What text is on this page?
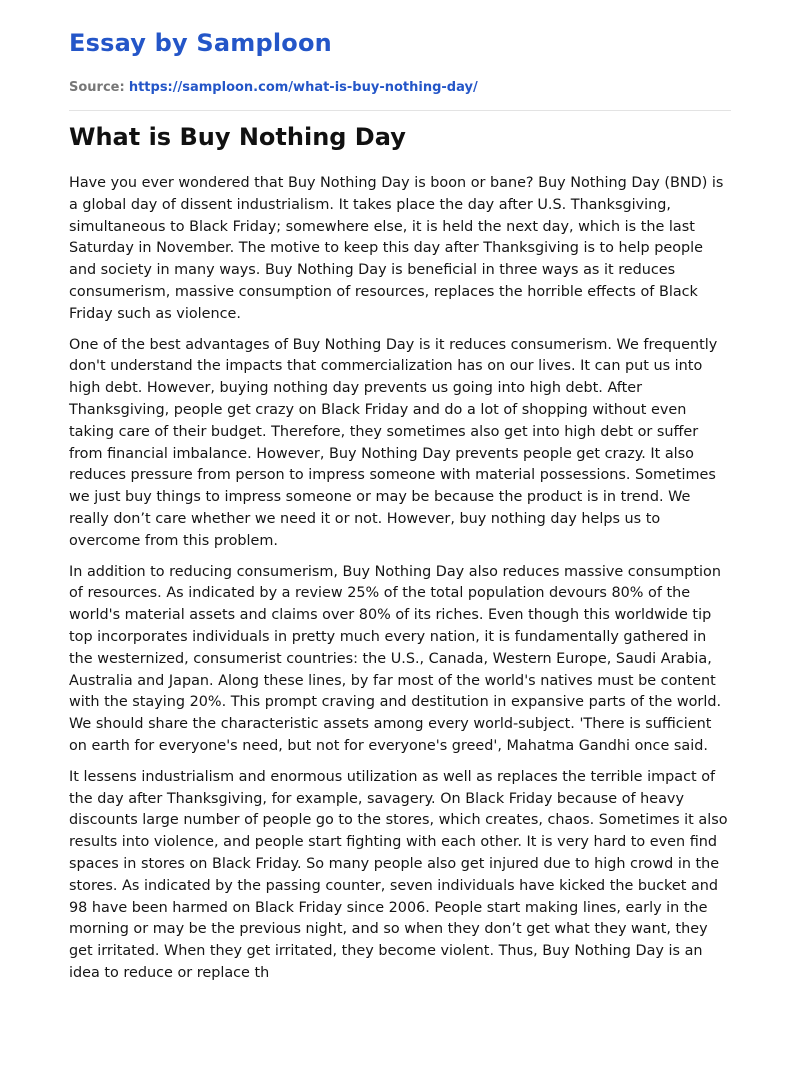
Essay by Samploon
Source: https://samploon.com/what-is-buy-nothing-day/
What is Buy Nothing Day

Have you ever wondered that Buy Nothing Day is boon or bane? Buy Nothing Day (BND) is a global day of dissent industrialism. It takes place the day after U.S. Thanksgiving, simultaneous to Black Friday; somewhere else, it is held the next day, which is the last Saturday in November. The motive to keep this day after Thanksgiving is to help people and society in many ways. Buy Nothing Day is beneficial in three ways as it reduces consumerism, massive consumption of resources, replaces the horrible effects of Black Friday such as violence.

One of the best advantages of Buy Nothing Day is it reduces consumerism. We frequently don't understand the impacts that commercialization has on our lives. It can put us into high debt. However, buying nothing day prevents us going into high debt. After Thanksgiving, people get crazy on Black Friday and do a lot of shopping without even taking care of their budget. Therefore, they sometimes also get into high debt or suffer from financial imbalance. However, Buy Nothing Day prevents people get crazy. It also reduces pressure from person to impress someone with material possessions. Sometimes we just buy things to impress someone or may be because the product is in trend. We really don’t care whether we need it or not. However, buy nothing day helps us to overcome from this problem.

In addition to reducing consumerism, Buy Nothing Day also reduces massive consumption of resources. As indicated by a review 25% of the total population devours 80% of the world's material assets and claims over 80% of its riches. Even though this worldwide tip top incorporates individuals in pretty much every nation, it is fundamentally gathered in the westernized, consumerist countries: the U.S., Canada, Western Europe, Saudi Arabia, Australia and Japan. Along these lines, by far most of the world's natives must be content with the staying 20%. This prompt craving and destitution in expansive parts of the world. We should share the characteristic assets among every world-subject. 'There is sufficient on earth for everyone's need, but not for everyone's greed', Mahatma Gandhi once said.

It lessens industrialism and enormous utilization as well as replaces the terrible impact of the day after Thanksgiving, for example, savagery. On Black Friday because of heavy discounts large number of people go to the stores, which creates, chaos. Sometimes it also results into violence, and people start fighting with each other. It is very hard to even find spaces in stores on Black Friday. So many people also get injured due to high crowd in the stores. As indicated by the passing counter, seven individuals have kicked the bucket and 98 have been harmed on Black Friday since 2006. People start making lines, early in the morning or may be the previous night, and so when they don’t get what they want, they get irritated. When they get irritated, they become violent. Thus, Buy Nothing Day is an idea to reduce or replace th
